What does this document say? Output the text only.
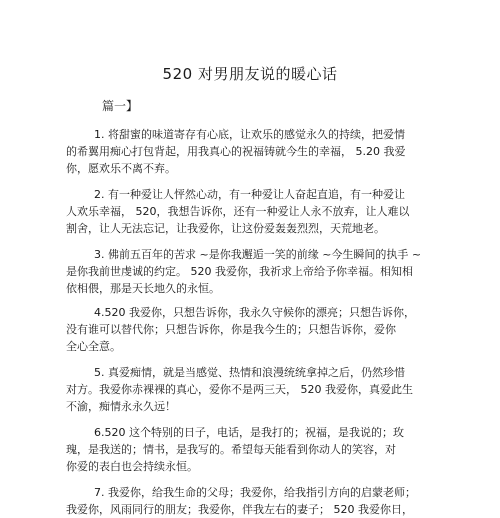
520 对男朋友说的暖心话
篇一】
1. 将甜蜜的味道寄存有心底，让欢乐的感觉永久的持续，把爱情
的希翼用痴心打包背起，用我真心的祝福铸就今生的幸福， 5.20 我爱
你，愿欢乐不离不弃。
2. 有一种爱让人怦然心动，有一种爱让人奋起直追，有一种爱让
人欢乐幸福， 520，我想告诉你，还有一种爱让人永不放弃，让人难以
割舍，让人无法忘记，让我爱你，让这份爱轰轰烈烈，天荒地老。
3. 佛前五百年的苦求 ~是你我邂逅一笑的前缘 ~今生瞬间的执手 ~
是你我前世虔诚的约定。 520 我爱你，我祈求上帝给予你幸福。相知相
依相偎，那是天长地久的永恒。
4.520 我爱你，只想告诉你，我永久守候你的漂亮；只想告诉你，
没有谁可以替代你；只想告诉你，你是我今生的；只想告诉你，爱你
全心全意。
5. 真爱痴情，就是当感觉、热情和浪漫统统拿掉之后，仍然珍惜
对方。我爱你赤裸裸的真心，爱你不是两三天， 520 我爱你，真爱此生
不渝，痴情永永久远！
6.520 这个特别的日子，电话，是我打的；祝福，是我说的；玫
瑰，是我送的；情书，是我写的。希望每天能看到你动人的笑容，对
你爱的表白也会持续永恒。
7. 我爱你，给我生命的父母；我爱你，给我指引方向的启蒙老师；
我爱你，风雨同行的朋友；我爱你，伴我左右的妻子； 520 我爱你日，
